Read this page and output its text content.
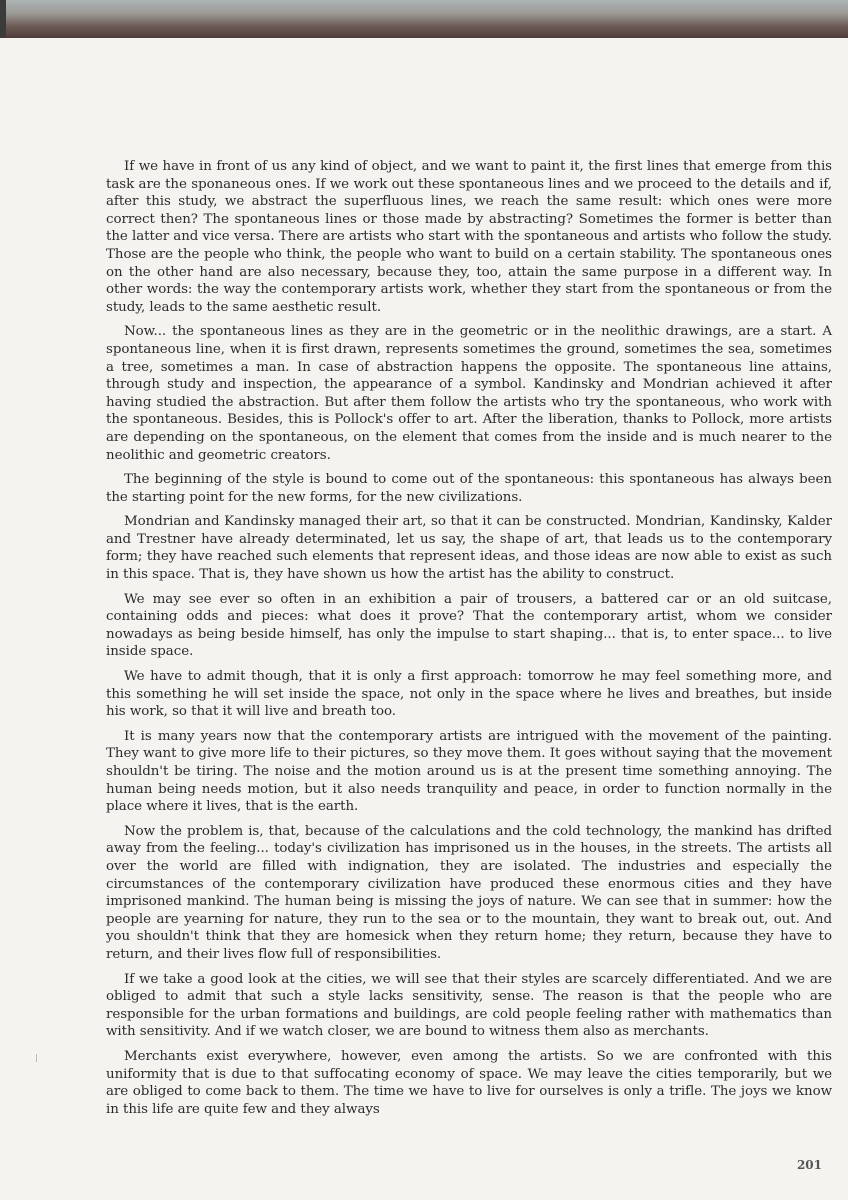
If we have in front of us any kind of object, and we want to paint it, the first lines that emerge from this task are the sponaneous ones. If we work out these spontaneous lines and we proceed to the details and if, after this study, we abstract the superfluous lines, we reach the same result: which ones were more correct then? The spontaneous lines or those made by abstracting? Sometimes the former is better than the latter and vice versa. There are artists who start with the spontaneous and artists who follow the study. Those are the people who think, the people who want to build on a certain stability. The spontaneous ones on the other hand are also necessary, because they, too, attain the same purpose in a different way. In other words: the way the contemporary artists work, whether they start from the spontaneous or from the study, leads to the same aesthetic result.

Now... the spontaneous lines as they are in the geometric or in the neolithic drawings, are a start. A spontaneous line, when it is first drawn, represents sometimes the ground, sometimes the sea, sometimes a tree, sometimes a man. In case of abstraction happens the opposite. The spontaneous line attains, through study and inspection, the appearance of a symbol. Kandinsky and Mondrian achieved it after having studied the abstraction. But after them follow the artists who try the spontaneous, who work with the spontaneous. Besides, this is Pollock's offer to art. After the liberation, thanks to Pollock, more artists are depending on the spontaneous, on the element that comes from the inside and is much nearer to the neolithic and geometric creators.

The beginning of the style is bound to come out of the spontaneous: this spontaneous has always been the starting point for the new forms, for the new civilizations.

Mondrian and Kandinsky managed their art, so that it can be constructed. Mondrian, Kandinsky, Kalder and Trestner have already determinated, let us say, the shape of art, that leads us to the contemporary form; they have reached such elements that represent ideas, and those ideas are now able to exist as such in this space. That is, they have shown us how the artist has the ability to construct.

We may see ever so often in an exhibition a pair of trousers, a battered car or an old suitcase, containing odds and pieces: what does it prove? That the contemporary artist, whom we consider nowadays as being beside himself, has only the impulse to start shaping... that is, to enter space... to live inside space.

We have to admit though, that it is only a first approach: tomorrow he may feel something more, and this something he will set inside the space, not only in the space where he lives and breathes, but inside his work, so that it will live and breath too.

It is many years now that the contemporary artists are intrigued with the movement of the painting. They want to give more life to their pictures, so they move them. It goes without saying that the movement shouldn't be tiring. The noise and the motion around us is at the present time something annoying. The human being needs motion, but it also needs tranquility and peace, in order to function normally in the place where it lives, that is the earth.

Now the problem is, that, because of the calculations and the cold technology, the mankind has drifted away from the feeling... today's civilization has imprisoned us in the houses, in the streets. The artists all over the world are filled with indignation, they are isolated. The industries and especially the circumstances of the contemporary civilization have produced these enormous cities and they have imprisoned mankind. The human being is missing the joys of nature. We can see that in summer: how the people are yearning for nature, they run to the sea or to the mountain, they want to break out, out. And you shouldn't think that they are homesick when they return home; they return, because they have to return, and their lives flow full of responsibilities.

If we take a good look at the cities, we will see that their styles are scarcely differentiated. And we are obliged to admit that such a style lacks sensitivity, sense. The reason is that the people who are responsible for the urban formations and buildings, are cold people feeling rather with mathematics than with sensitivity. And if we watch closer, we are bound to witness them also as merchants.

Merchants exist everywhere, however, even among the artists. So we are confronted with this uniformity that is due to that suffocating economy of space. We may leave the cities temporarily, but we are obliged to come back to them. The time we have to live for ourselves is only a trifle. The joys we know in this life are quite few and they always

201
